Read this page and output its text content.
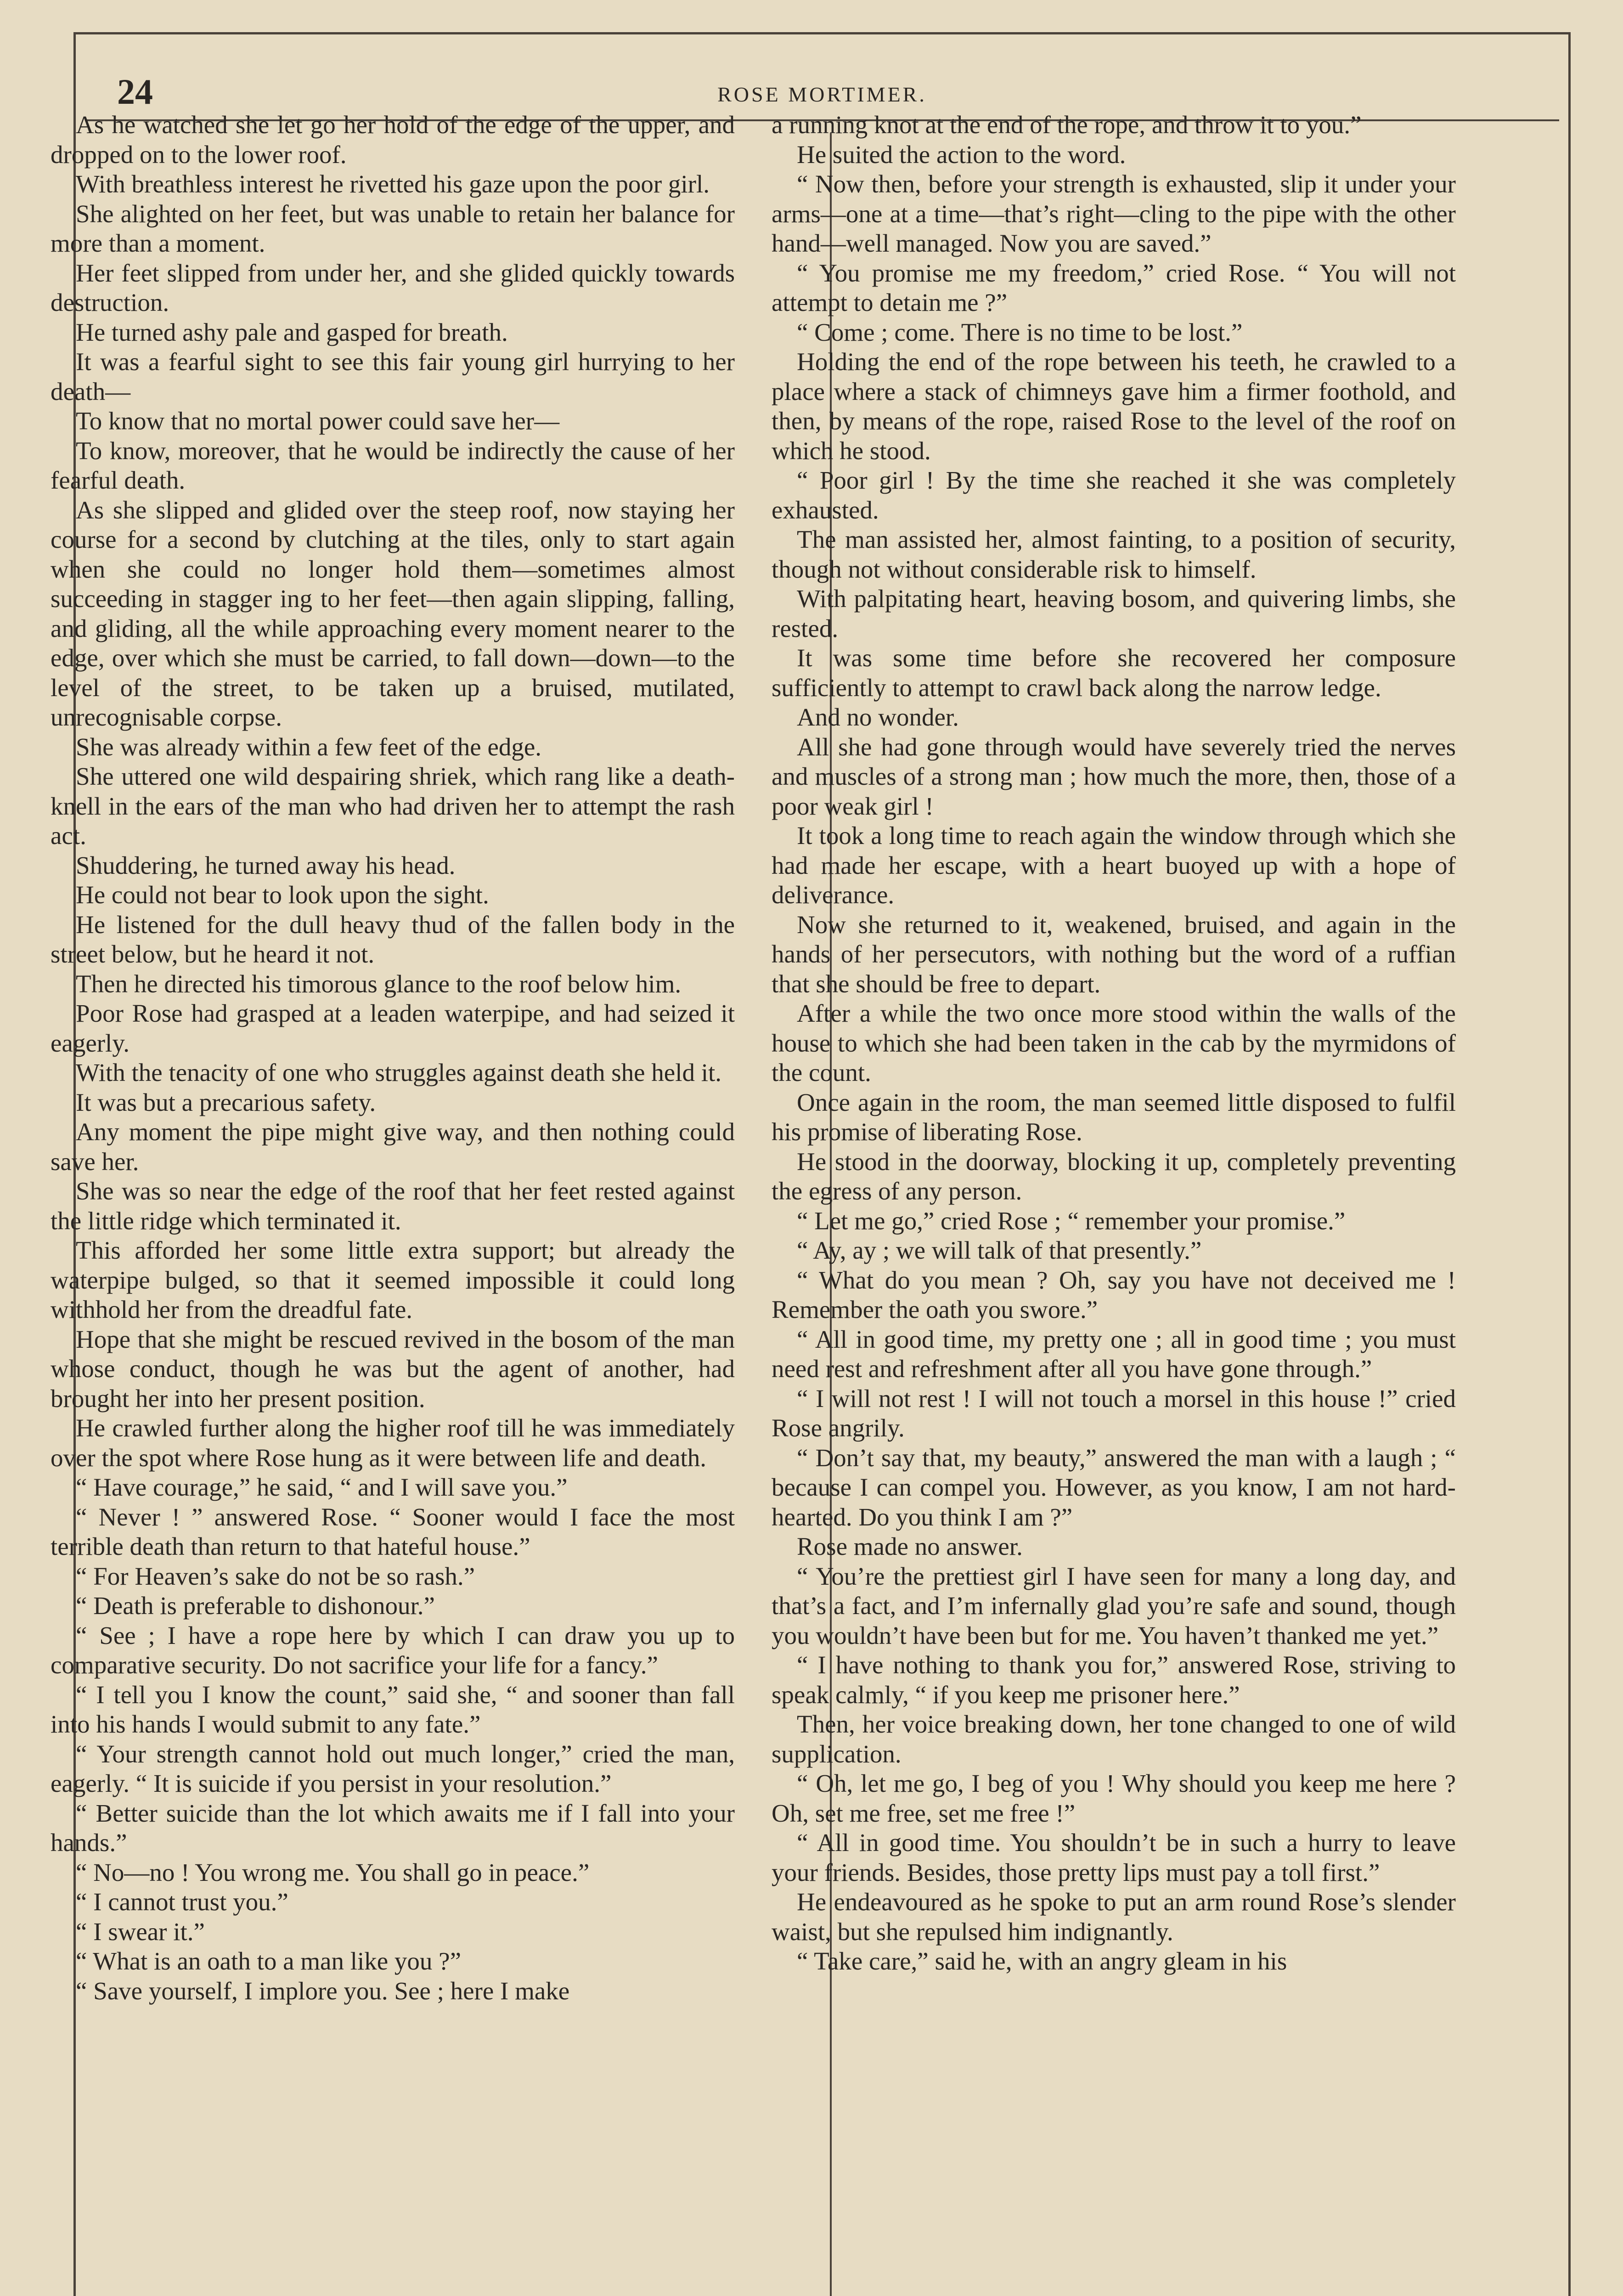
24	ROSE MORTIMER.

As he watched she let go her hold of the edge of the upper, and dropped on to the lower roof.

With breathless interest he rivetted his gaze upon the poor girl.

She alighted on her feet, but was unable to retain her balance for more than a moment.

Her feet slipped from under her, and she glided quickly towards destruction.

He turned ashy pale and gasped for breath.

It was a fearful sight to see this fair young girl hurrying to her death—

To know that no mortal power could save her—

To know, moreover, that he would be indirectly the cause of her fearful death.

As she slipped and glided over the steep roof, now staying her course for a second by clutching at the tiles, only to start again when she could no longer hold them—sometimes almost succeeding in stagger ing to her feet—then again slipping, falling, and gliding, all the while approaching every moment nearer to the edge, over which she must be carried, to fall down—down—to the level of the street, to be taken up a bruised, mutilated, unrecognisable corpse.

She was already within a few feet of the edge.

She uttered one wild despairing shriek, which rang like a death-knell in the ears of the man who had driven her to attempt the rash act.

Shuddering, he turned away his head.

He could not bear to look upon the sight.

He listened for the dull heavy thud of the fallen body in the street below, but he heard it not.

Then he directed his timorous glance to the roof below him.

Poor Rose had grasped at a leaden waterpipe, and had seized it eagerly.

With the tenacity of one who struggles against death she held it.

It was but a precarious safety.

Any moment the pipe might give way, and then nothing could save her.

She was so near the edge of the roof that her feet rested against the little ridge which terminated it.

This afforded her some little extra support; but already the waterpipe bulged, so that it seemed impossible it could long withhold her from the dreadful fate.

Hope that she might be rescued revived in the bosom of the man whose conduct, though he was but the agent of another, had brought her into her present position.

He crawled further along the higher roof till he was immediately over the spot where Rose hung as it were between life and death.

“ Have courage,” he said, “ and I will save you.”

“ Never ! ” answered Rose. “ Sooner would I face the most terrible death than return to that hateful house.”

“ For Heaven’s sake do not be so rash.”

“ Death is preferable to dishonour.”

“ See ; I have a rope here by which I can draw you up to comparative security. Do not sacrifice your life for a fancy.”

“ I tell you I know the count,” said she, “ and sooner than fall into his hands I would submit to any fate.”

“ Your strength cannot hold out much longer,” cried the man, eagerly. “ It is suicide if you persist in your resolution.”

“ Better suicide than the lot which awaits me if I fall into your hands.”

“ No—no ! You wrong me. You shall go in peace.”

“ I cannot trust you.”

“ I swear it.”

“ What is an oath to a man like you ?”

“ Save yourself, I implore you. See ; here I make

a running knot at the end of the rope, and throw it to you.”

He suited the action to the word.

“ Now then, before your strength is exhausted, slip it under your arms—one at a time—that’s right—cling to the pipe with the other hand—well managed. Now you are saved.”

“ You promise me my freedom,” cried Rose. “ You will not attempt to detain me ?”

“ Come ; come. There is no time to be lost.”

Holding the end of the rope between his teeth, he crawled to a place where a stack of chimneys gave him a firmer foothold, and then, by means of the rope, raised Rose to the level of the roof on which he stood.

“ Poor girl ! By the time she reached it she was completely exhausted.

The man assisted her, almost fainting, to a position of security, though not without considerable risk to himself.

With palpitating heart, heaving bosom, and quivering limbs, she rested.

It was some time before she recovered her composure sufficiently to attempt to crawl back along the narrow ledge.

And no wonder.

All she had gone through would have severely tried the nerves and muscles of a strong man ; how much the more, then, those of a poor weak girl !

It took a long time to reach again the window through which she had made her escape, with a heart buoyed up with a hope of deliverance.

Now she returned to it, weakened, bruised, and again in the hands of her persecutors, with nothing but the word of a ruffian that she should be free to depart.

After a while the two once more stood within the walls of the house to which she had been taken in the cab by the myrmidons of the count.

Once again in the room, the man seemed little disposed to fulfil his promise of liberating Rose.

He stood in the doorway, blocking it up, completely preventing the egress of any person.

“ Let me go,” cried Rose ; “ remember your promise.”

“ Ay, ay ; we will talk of that presently.”

“ What do you mean ? Oh, say you have not deceived me ! Remember the oath you swore.”

“ All in good time, my pretty one ; all in good time ; you must need rest and refreshment after all you have gone through.”

“ I will not rest ! I will not touch a morsel in this house !” cried Rose angrily.

“ Don’t say that, my beauty,” answered the man with a laugh ; “ because I can compel you. However, as you know, I am not hard-hearted. Do you think I am ?”

Rose made no answer.

“ You’re the prettiest girl I have seen for many a long day, and that’s a fact, and I’m infernally glad you’re safe and sound, though you wouldn’t have been but for me. You haven’t thanked me yet.”

“ I have nothing to thank you for,” answered Rose, striving to speak calmly, “ if you keep me prisoner here.”

Then, her voice breaking down, her tone changed to one of wild supplication.

“ Oh, let me go, I beg of you ! Why should you keep me here ? Oh, set me free, set me free !”

“ All in good time. You shouldn’t be in such a hurry to leave your friends. Besides, those pretty lips must pay a toll first.”

He endeavoured as he spoke to put an arm round Rose’s slender waist, but she repulsed him indignantly.

“ Take care,” said he, with an angry gleam in his
